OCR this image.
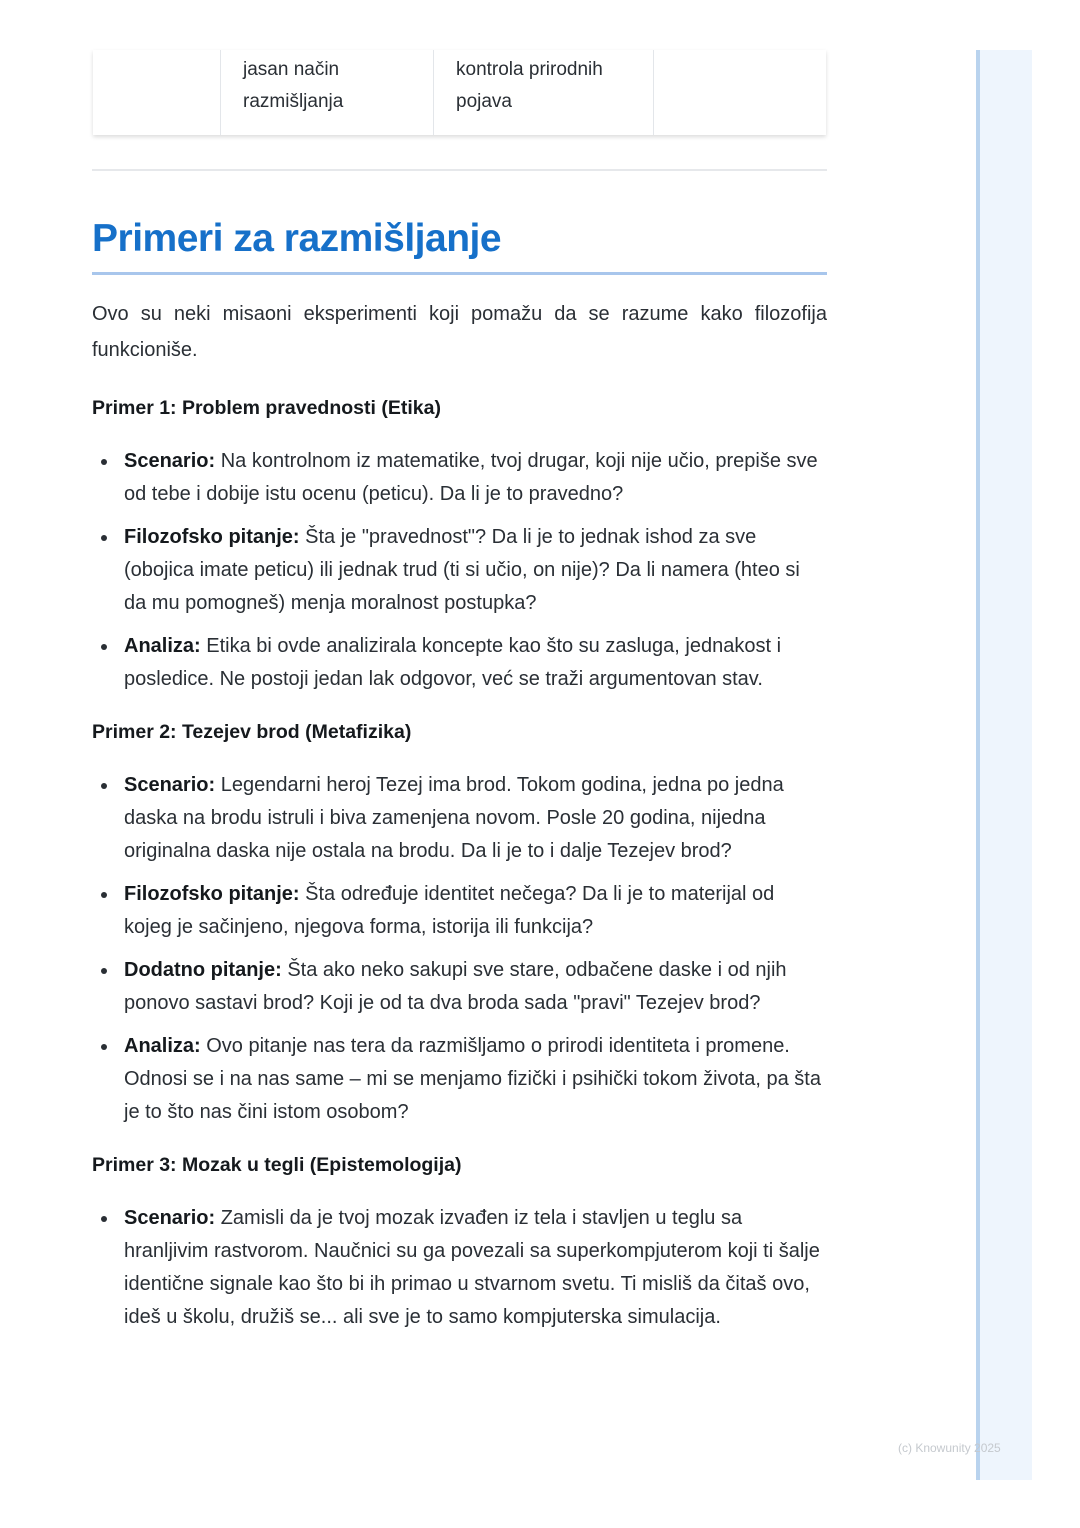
jasan način razmišljanja
kontrola prirodnih pojava
Primeri za razmišljanje

Ovo su neki misaoni eksperimenti koji pomažu da se razume kako filozofija funkcioniše.

Primer 1: Problem pravednosti (Etika)
Scenario: Na kontrolnom iz matematike, tvoj drugar, koji nije učio, prepiše sve od tebe i dobije istu ocenu (peticu). Da li je to pravedno?
Filozofsko pitanje: Šta je "pravednost"? Da li je to jednak ishod za sve (obojica imate peticu) ili jednak trud (ti si učio, on nije)? Da li namera (hteo si da mu pomogneš) menja moralnost postupka?
Analiza: Etika bi ovde analizirala koncepte kao što su zasluga, jednakost i posledice. Ne postoji jedan lak odgovor, već se traži argumentovan stav.
Primer 2: Tezejev brod (Metafizika)
Scenario: Legendarni heroj Tezej ima brod. Tokom godina, jedna po jedna daska na brodu istruli i biva zamenjena novom. Posle 20 godina, nijedna originalna daska nije ostala na brodu. Da li je to i dalje Tezejev brod?
Filozofsko pitanje: Šta određuje identitet nečega? Da li je to materijal od kojeg je sačinjeno, njegova forma, istorija ili funkcija?
Dodatno pitanje: Šta ako neko sakupi sve stare, odbačene daske i od njih ponovo sastavi brod? Koji je od ta dva broda sada "pravi" Tezejev brod?
Analiza: Ovo pitanje nas tera da razmišljamo o prirodi identiteta i promene. Odnosi se i na nas same – mi se menjamo fizički i psihički tokom života, pa šta je to što nas čini istom osobom?
Primer 3: Mozak u tegli (Epistemologija)
Scenario: Zamisli da je tvoj mozak izvađen iz tela i stavljen u teglu sa hranljivim rastvorom. Naučnici su ga povezali sa superkompjuterom koji ti šalje identične signale kao što bi ih primao u stvarnom svetu. Ti misliš da čitaš ovo, ideš u školu, družiš se... ali sve je to samo kompjuterska simulacija.
(c) Knowunity 2025
